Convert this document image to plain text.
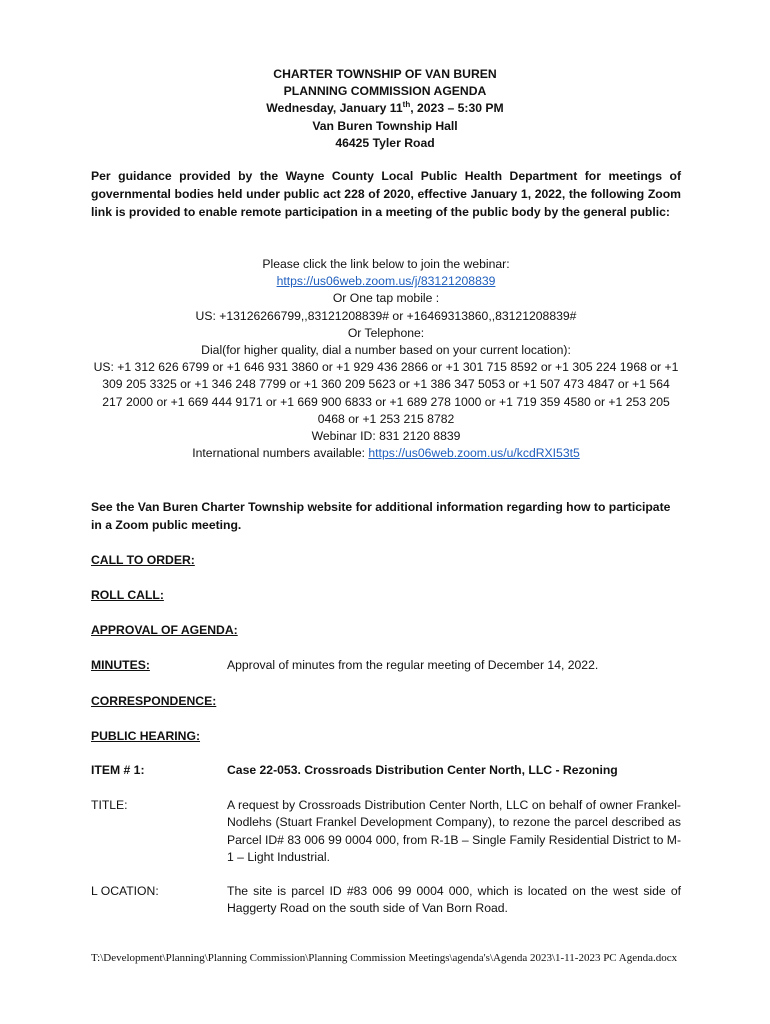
CHARTER TOWNSHIP OF VAN BUREN
PLANNING COMMISSION AGENDA
Wednesday, January 11th, 2023 – 5:30 PM
Van Buren Township Hall
46425 Tyler Road
Per guidance provided by the Wayne County Local Public Health Department for meetings of governmental bodies held under public act 228 of 2020, effective January 1, 2022, the following Zoom link is provided to enable remote participation in a meeting of the public body by the general public:
Please click the link below to join the webinar:
https://us06web.zoom.us/j/83121208839
Or One tap mobile :
US: +13126266799,,83121208839# or +16469313860,,83121208839#
Or Telephone:
Dial(for higher quality, dial a number based on your current location):
US: +1 312 626 6799 or +1 646 931 3860 or +1 929 436 2866 or +1 301 715 8592 or +1 305 224 1968 or +1 309 205 3325 or +1 346 248 7799 or +1 360 209 5623 or +1 386 347 5053 or +1 507 473 4847 or +1 564 217 2000 or +1 669 444 9171 or +1 669 900 6833 or +1 689 278 1000 or +1 719 359 4580 or +1 253 205 0468 or +1 253 215 8782
Webinar ID: 831 2120 8839
International numbers available: https://us06web.zoom.us/u/kcdRXI53t5
See the Van Buren Charter Township website for additional information regarding how to participate in a Zoom public meeting.
CALL TO ORDER:
ROLL CALL:
APPROVAL OF AGENDA:
MINUTES:	Approval of minutes from the regular meeting of December 14, 2022.
CORRESPONDENCE:
PUBLIC HEARING:
ITEM # 1:	Case 22-053. Crossroads Distribution Center North, LLC - Rezoning
TITLE:	A request by Crossroads Distribution Center North, LLC on behalf of owner Frankel-Nodlehs (Stuart Frankel Development Company), to rezone the parcel described as Parcel ID# 83 006 99 0004 000, from R-1B – Single Family Residential District to M-1 – Light Industrial.
L OCATION:	The site is parcel ID #83 006 99 0004 000, which is located on the west side of Haggerty Road on the south side of Van Born Road.
T:\Development\Planning\Planning Commission\Planning Commission Meetings\agenda's\Agenda 2023\1-11-2023 PC Agenda.docx
